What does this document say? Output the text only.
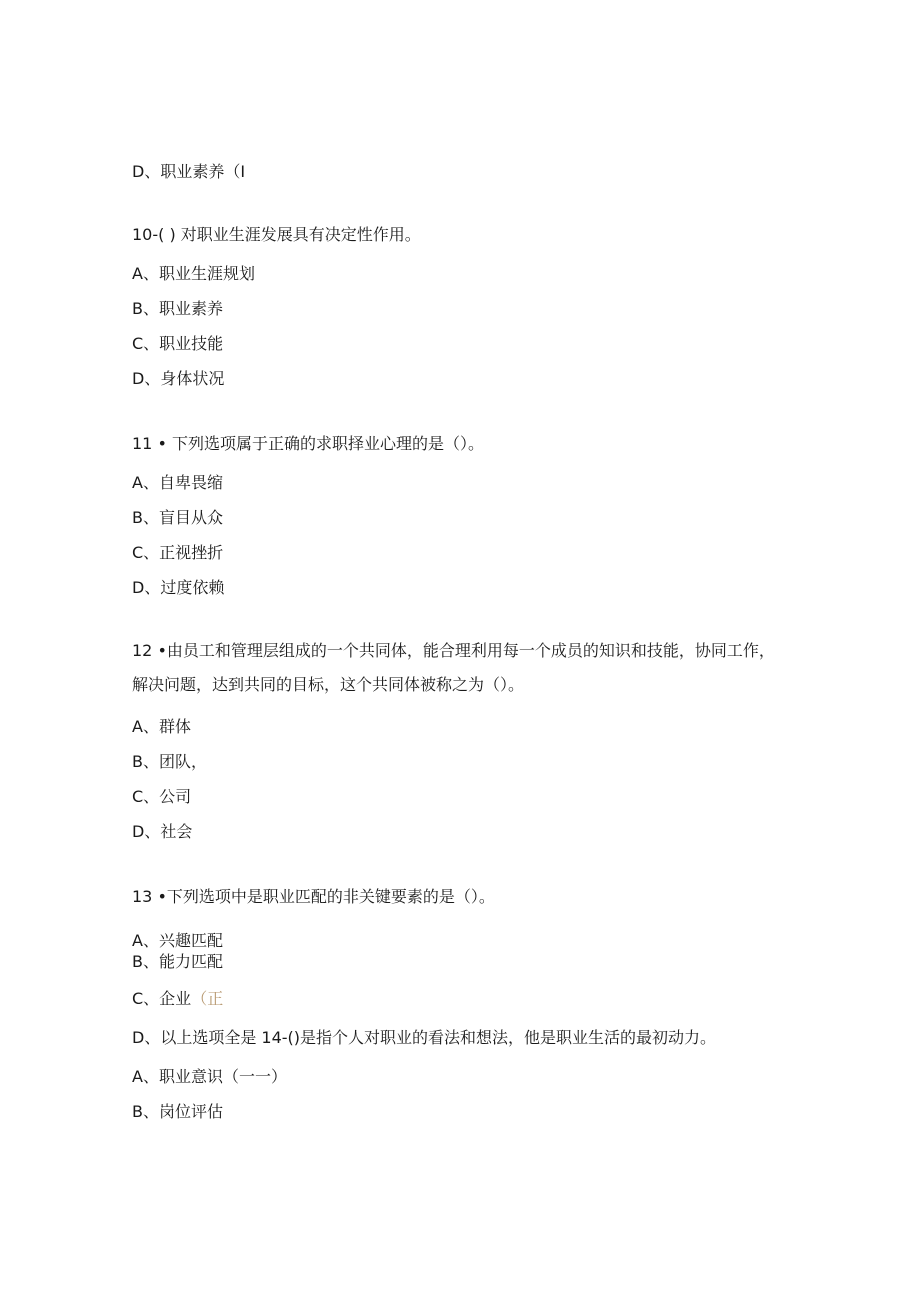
D、职业素养（I
10-( ) 对职业生涯发展具有决定性作用。
A、职业生涯规划
B、职业素养
C、职业技能
D、身体状况
11 • 下列选项属于正确的求职择业心理的是（）。
A、自卑畏缩
B、盲目从众
C、正视挫折
D、过度依赖
12 •由员工和管理层组成的一个共同体，能合理利用每一个成员的知识和技能，协同工作，解决问题，达到共同的目标，这个共同体被称之为（）。
A、群体
B、团队，
C、公司
D、社会
13 •下列选项中是职业匹配的非关键要素的是（）。
A、兴趣匹配
B、能力匹配
C、企业（正
D、以上选项全是 14-()是指个人对职业的看法和想法，他是职业生活的最初动力。
A、职业意识（一一）
B、岗位评估
